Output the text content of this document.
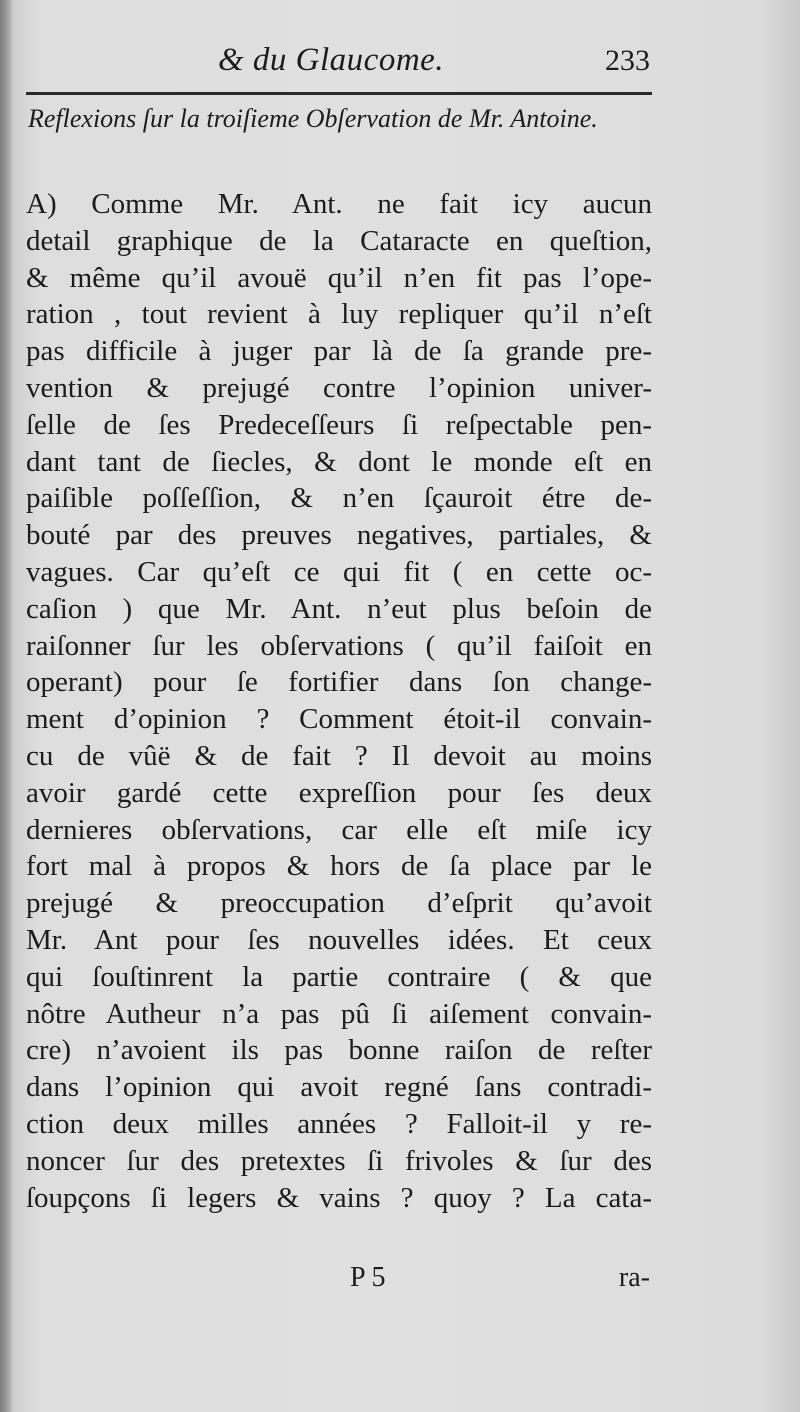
& du Glaucome.	233
Reflexions ſur la troiſieme Obſervation de Mr. Antoine.
A) Comme Mr. Ant. ne fait icy aucun
detail graphique de la Cataracte en queſtion,
& même qu’il avouë qu’il n’en fit pas l’ope-
ration , tout revient à luy repliquer qu’il n’eſt
pas difficile à juger par là de ſa grande pre-
vention & prejugé contre l’opinion univer-
ſelle de ſes Predeceſſeurs ſi reſpectable pen-
dant tant de ſiecles, & dont le monde eſt en
paiſible poſſeſſion, & n’en ſçauroit étre de-
bouté par des preuves negatives, partiales, &
vagues. Car qu’eſt ce qui fit ( en cette oc-
caſion ) que Mr. Ant. n’eut plus beſoin de
raiſonner ſur les obſervations ( qu’il faiſoit en
operant) pour ſe fortifier dans ſon change-
ment d’opinion ? Comment étoit-il convain-
cu de vûë & de fait ? Il devoit au moins
avoir gardé cette expreſſion pour ſes deux
dernieres obſervations, car elle eſt miſe icy
fort mal à propos & hors de ſa place par le
prejugé & preoccupation d’eſprit qu’avoit
Mr. Ant pour ſes nouvelles idées. Et ceux
qui ſouſtinrent la partie contraire ( & que
nôtre Autheur n’a pas pû ſi aiſement convain-
cre) n’avoient ils pas bonne raiſon de reſter
dans l’opinion qui avoit regné ſans contradi-
ction deux milles années ? Falloit-il y re-
noncer ſur des pretextes ſi frivoles & ſur des
ſoupçons ſi legers & vains ? quoy ? La cata-
P 5	ra-
